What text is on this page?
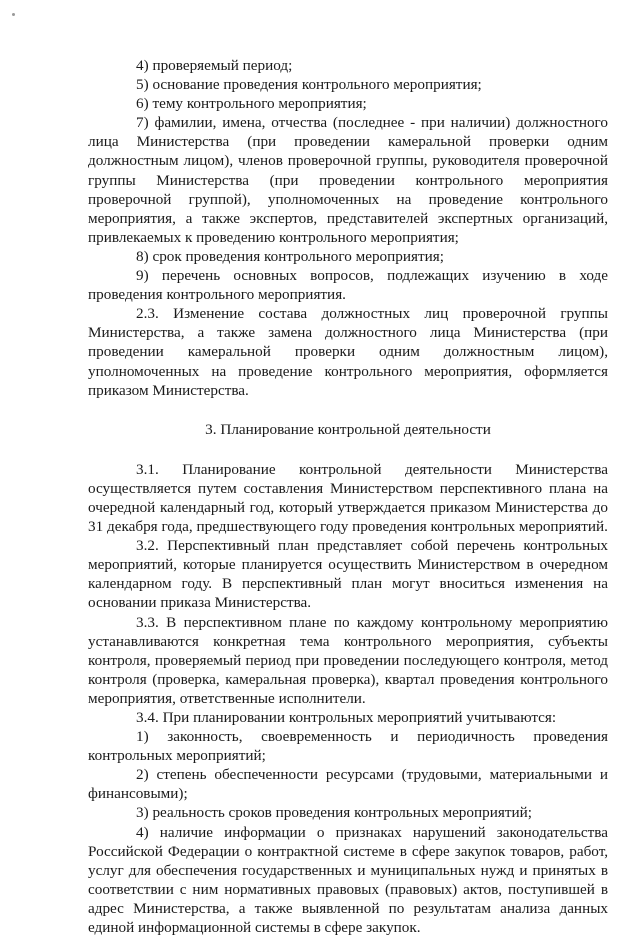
4) проверяемый период;

5) основание проведения контрольного мероприятия;

6) тему контрольного мероприятия;

7) фамилии, имена, отчества (последнее - при наличии) должностного лица Министерства (при проведении камеральной проверки одним должностным лицом), членов проверочной группы, руководителя проверочной группы Министерства (при проведении контрольного мероприятия проверочной группой), уполномоченных на проведение контрольного мероприятия, а также экспертов, представителей экспертных организаций, привлекаемых к проведению контрольного мероприятия;

8) срок проведения контрольного мероприятия;

9) перечень основных вопросов, подлежащих изучению в ходе проведения контрольного мероприятия.

2.3. Изменение состава должностных лиц проверочной группы Министерства, а также замена должностного лица Министерства (при проведении камеральной проверки одним должностным лицом), уполномоченных на проведение контрольного мероприятия, оформляется приказом Министерства.

3. Планирование контрольной деятельности

3.1. Планирование контрольной деятельности Министерства осуществляется путем составления Министерством перспективного плана на очередной календарный год, который утверждается приказом Министерства до 31 декабря года, предшествующего году проведения контрольных мероприятий.

3.2. Перспективный план представляет собой перечень контрольных мероприятий, которые планируется осуществить Министерством в очередном календарном году. В перспективный план могут вноситься изменения на основании приказа Министерства.

3.3. В перспективном плане по каждому контрольному мероприятию устанавливаются конкретная тема контрольного мероприятия, субъекты контроля, проверяемый период при проведении последующего контроля, метод контроля (проверка, камеральная проверка), квартал проведения контрольного мероприятия, ответственные исполнители.

3.4. При планировании контрольных мероприятий учитываются:

1) законность, своевременность и периодичность проведения контрольных мероприятий;

2) степень обеспеченности ресурсами (трудовыми, материальными и финансовыми);

3) реальность сроков проведения контрольных мероприятий;

4) наличие информации о признаках нарушений законодательства Российской Федерации о контрактной системе в сфере закупок товаров, работ, услуг для обеспечения государственных и муниципальных нужд и принятых в соответствии с ним нормативных правовых (правовых) актов, поступившей в адрес Министерства, а также выявленной по результатам анализа данных единой информационной системы в сфере закупок.
